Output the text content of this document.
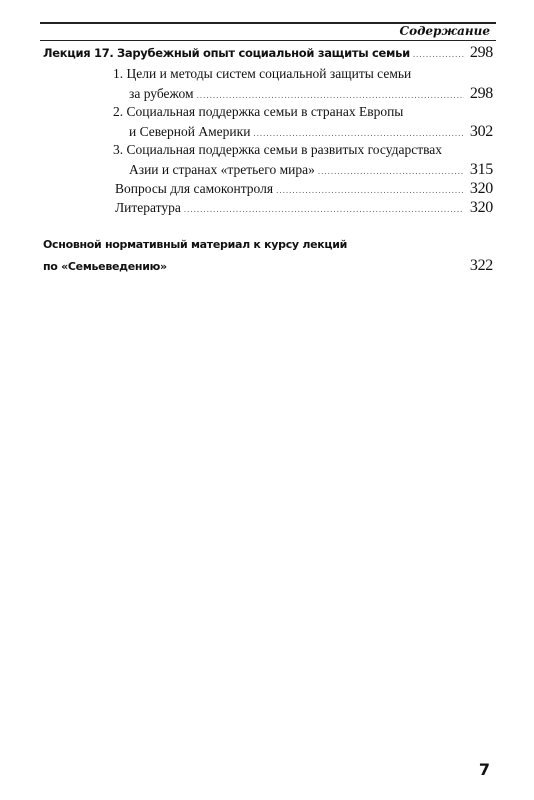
Содержание
Лекция 17. Зарубежный опыт социальной защиты семьи .....	298
1. Цели и методы систем социальной защиты семьи
за рубежом .....	298
2. Социальная поддержка семьи в странах Европы
и Северной Америки .....	302
3. Социальная поддержка семьи в развитых государствах
Азии и странах «третьего мира» .....	315
Вопросы для самоконтроля .....	320
Литература .....	320
Основной нормативный материал к курсу лекций
по «Семьеведению»	322
7
